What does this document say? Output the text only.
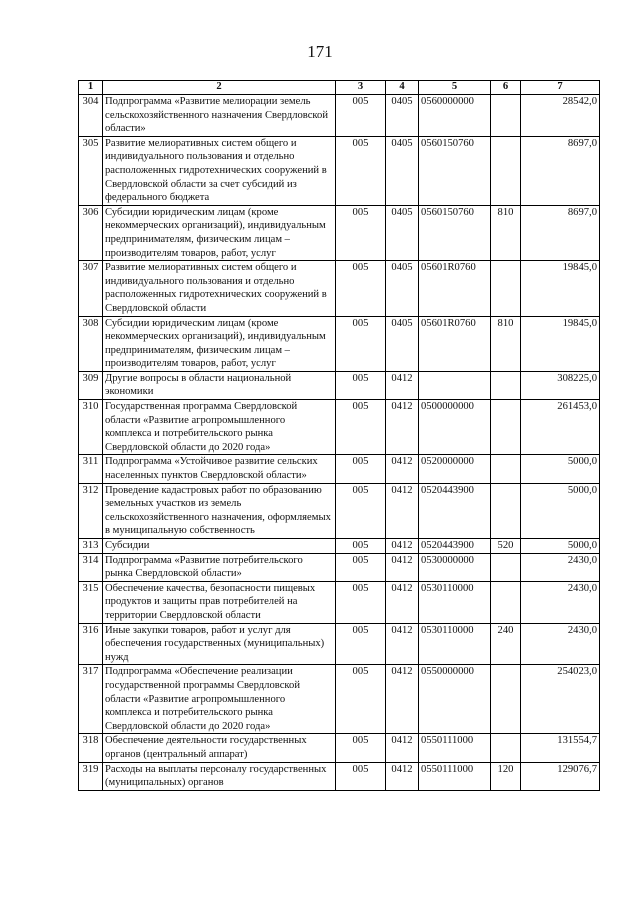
171
1	2	3	4	5	6	7
304	Подпрограмма «Развитие мелиорации земель сельскохозяйственного назначения Свердловской области»	005	0405	0560000000		28542,0
305	Развитие мелиоративных систем общего и индивидуального пользования и отдельно расположенных гидротехнических сооружений в Свердловской области за счет субсидий из федерального бюджета	005	0405	0560150760		8697,0
306	Субсидии юридическим лицам (кроме некоммерческих организаций), индивидуальным предпринимателям, физическим лицам – производителям товаров, работ, услуг	005	0405	0560150760	810	8697,0
307	Развитие мелиоративных систем общего и индивидуального пользования и отдельно расположенных гидротехнических сооружений в Свердловской области	005	0405	05601R0760		19845,0
308	Субсидии юридическим лицам (кроме некоммерческих организаций), индивидуальным предпринимателям, физическим лицам – производителям товаров, работ, услуг	005	0405	05601R0760	810	19845,0
309	Другие вопросы в области национальной экономики	005	0412			308225,0
310	Государственная программа Свердловской области «Развитие агропромышленного комплекса и потребительского рынка Свердловской области до 2020 года»	005	0412	0500000000		261453,0
311	Подпрограмма «Устойчивое развитие сельских населенных пунктов Свердловской области»	005	0412	0520000000		5000,0
312	Проведение кадастровых работ по образованию земельных участков из земель сельскохозяйственного назначения, оформляемых в муниципальную собственность	005	0412	0520443900		5000,0
313	Субсидии	005	0412	0520443900	520	5000,0
314	Подпрограмма «Развитие потребительского рынка Свердловской области»	005	0412	0530000000		2430,0
315	Обеспечение качества, безопасности пищевых продуктов и защиты прав потребителей на территории Свердловской области	005	0412	0530110000		2430,0
316	Иные закупки товаров, работ и услуг для обеспечения государственных (муниципальных) нужд	005	0412	0530110000	240	2430,0
317	Подпрограмма «Обеспечение реализации государственной программы Свердловской области «Развитие агропромышленного комплекса и потребительского рынка Свердловской области до 2020 года»	005	0412	0550000000		254023,0
318	Обеспечение деятельности государственных органов (центральный аппарат)	005	0412	0550111000		131554,7
319	Расходы на выплаты персоналу государственных (муниципальных) органов	005	0412	0550111000	120	129076,7
